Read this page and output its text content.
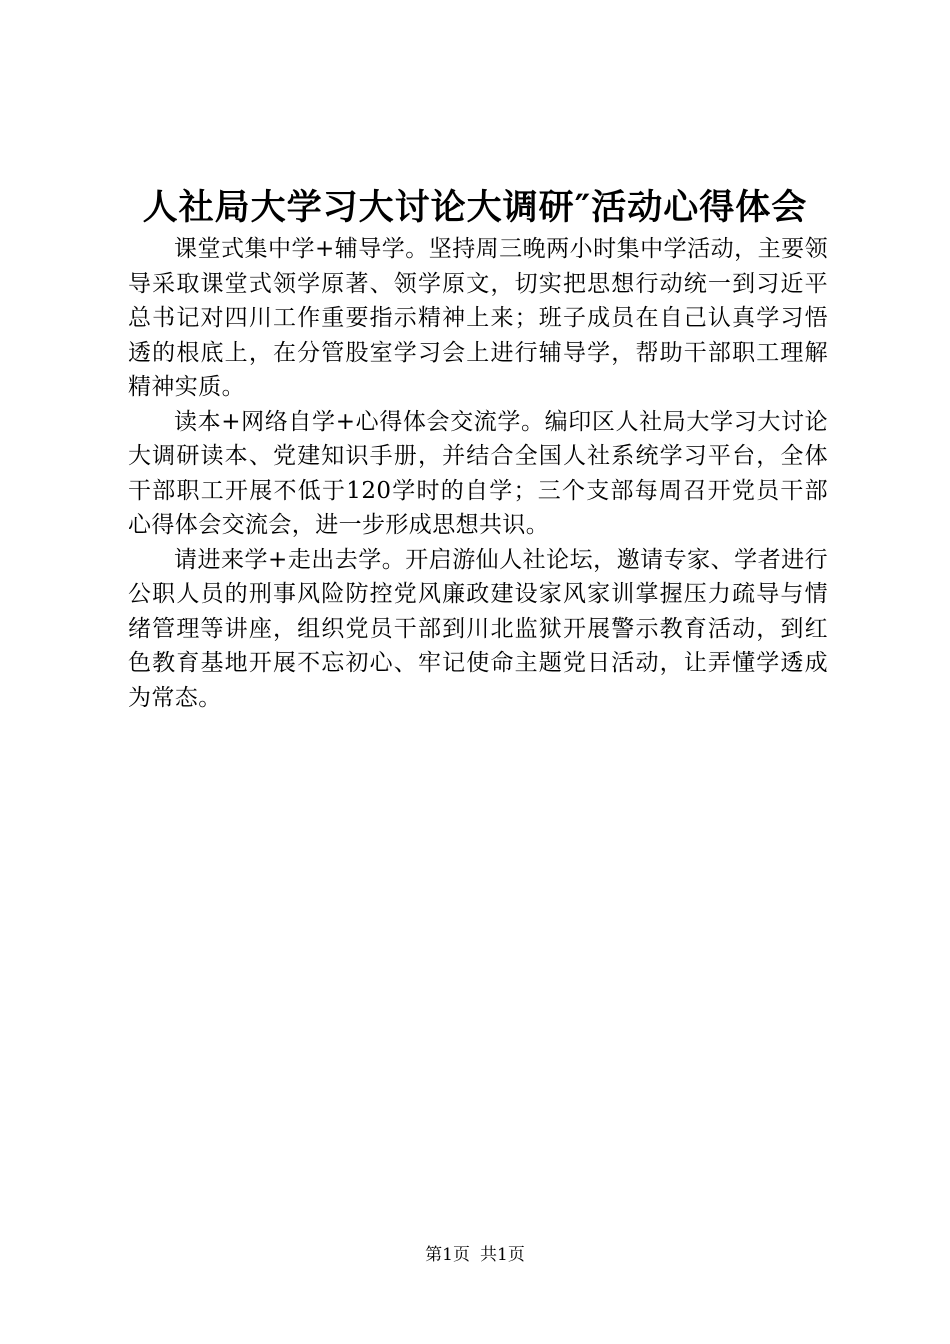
人社局大学习大讨论大调研″活动心得体会

课堂式集中学+辅导学。坚持周三晚两小时集中学活动，主要领导采取课堂式领学原著、领学原文，切实把思想行动统一到习近平总书记对四川工作重要指示精神上来；班子成员在自己认真学习悟透的根底上，在分管股室学习会上进行辅导学，帮助干部职工理解精神实质。

读本+网络自学+心得体会交流学。编印区人社局大学习大讨论大调研读本、党建知识手册，并结合全国人社系统学习平台，全体干部职工开展不低于120学时的自学；三个支部每周召开党员干部心得体会交流会，进一步形成思想共识。

请进来学+走出去学。开启游仙人社论坛，邀请专家、学者进行公职人员的刑事风险防控党风廉政建设家风家训掌握压力疏导与情绪管理等讲座，组织党员干部到川北监狱开展警示教育活动，到红色教育基地开展不忘初心、牢记使命主题党日活动，让弄懂学透成为常态。

第1页 共1页
